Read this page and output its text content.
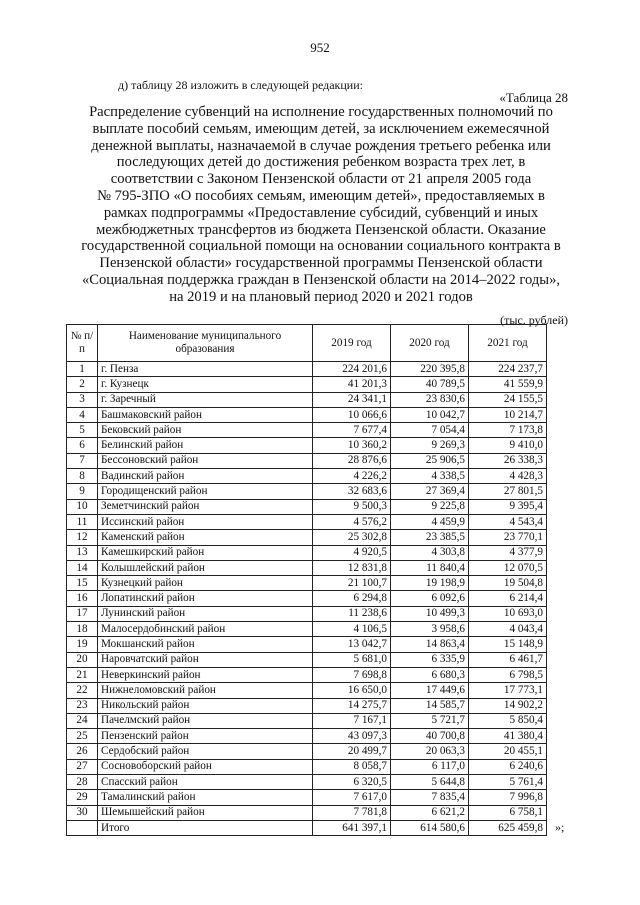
952
д) таблицу 28 изложить в следующей редакции:
«Таблица 28
Распределение субвенций на исполнение государственных полномочий по
выплате пособий семьям, имеющим детей, за исключением ежемесячной
денежной выплаты, назначаемой в случае рождения третьего ребенка или
последующих детей до достижения ребенком возраста трех лет, в
соответствии с Законом Пензенской области от 21 апреля 2005 года
№ 795-ЗПО «О пособиях семьям, имеющим детей», предоставляемых в
рамках подпрограммы «Предоставление субсидий, субвенций и иных
межбюджетных трансфертов из бюджета Пензенской области. Оказание
государственной социальной помощи на основании социального контракта в
Пензенской области» государственной программы Пензенской области
«Социальная поддержка граждан в Пензенской области на 2014–2022 годы»,
на 2019 и на плановый период 2020 и 2021 годов
(тыс. рублей)
№ п/п	Наименование муниципального образования	2019 год	2020 год	2021 год
1	г. Пенза	224 201,6	220 395,8	224 237,7
2	г. Кузнецк	41 201,3	40 789,5	41 559,9
3	г. Заречный	24 341,1	23 830,6	24 155,5
4	Башмаковский район	10 066,6	10 042,7	10 214,7
5	Бековский район	7 677,4	7 054,4	7 173,8
6	Белинский район	10 360,2	9 269,3	9 410,0
7	Бессоновский район	28 876,6	25 906,5	26 338,3
8	Вадинский район	4 226,2	4 338,5	4 428,3
9	Городищенский район	32 683,6	27 369,4	27 801,5
10	Земетчинский район	9 500,3	9 225,8	9 395,4
11	Иссинский район	4 576,2	4 459,9	4 543,4
12	Каменский район	25 302,8	23 385,5	23 770,1
13	Камешкирский район	4 920,5	4 303,8	4 377,9
14	Колышлейский район	12 831,8	11 840,4	12 070,5
15	Кузнецкий район	21 100,7	19 198,9	19 504,8
16	Лопатинский район	6 294,8	6 092,6	6 214,4
17	Лунинский район	11 238,6	10 499,3	10 693,0
18	Малосердобинский район	4 106,5	3 958,6	4 043,4
19	Мокшанский район	13 042,7	14 863,4	15 148,9
20	Наровчатский район	5 681,0	6 335,9	6 461,7
21	Неверкинский район	7 698,8	6 680,3	6 798,5
22	Нижнеломовский район	16 650,0	17 449,6	17 773,1
23	Никольский район	14 275,7	14 585,7	14 902,2
24	Пачелмский район	7 167,1	5 721,7	5 850,4
25	Пензенский район	43 097,3	40 700,8	41 380,4
26	Сердобский район	20 499,7	20 063,3	20 455,1
27	Сосновоборский район	8 058,7	6 117,0	6 240,6
28	Спасский район	6 320,5	5 644,8	5 761,4
29	Тамалинский район	7 617,0	7 835,4	7 996,8
30	Шемышейский район	7 781,8	6 621,2	6 758,1
	Итого	641 397,1	614 580,6	625 459,8 »;
